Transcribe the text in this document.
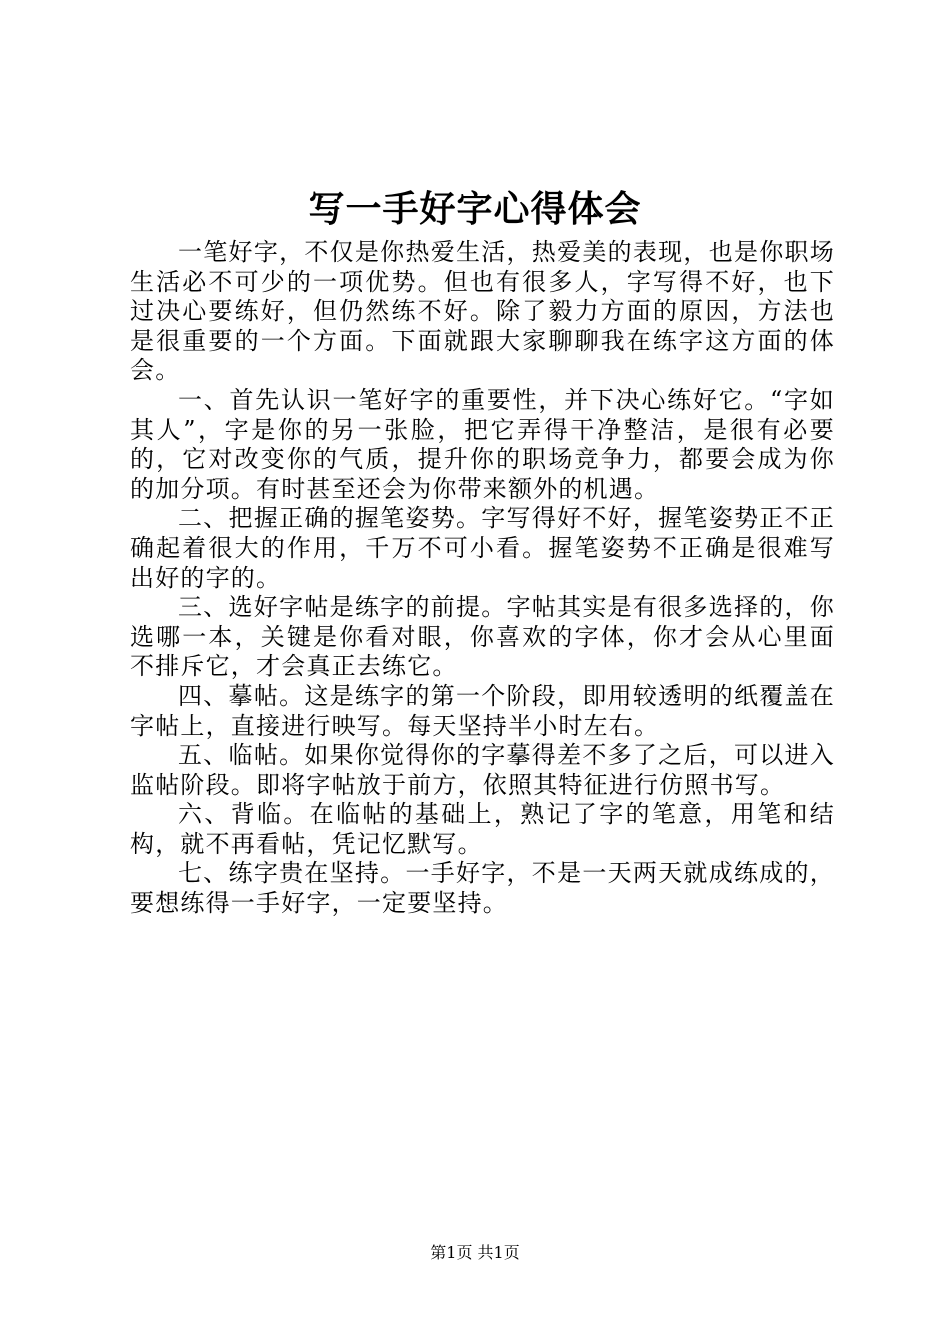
写一手好字心得体会

一笔好字，不仅是你热爱生活，热爱美的表现，也是你职场生活必不可少的一项优势。但也有很多人，字写得不好，也下过决心要练好，但仍然练不好。除了毅力方面的原因，方法也是很重要的一个方面。下面就跟大家聊聊我在练字这方面的体会。

一、首先认识一笔好字的重要性，并下决心练好它。“字如其人”，字是你的另一张脸，把它弄得干净整洁，是很有必要的，它对改变你的气质，提升你的职场竞争力，都要会成为你的加分项。有时甚至还会为你带来额外的机遇。

二、把握正确的握笔姿势。字写得好不好，握笔姿势正不正确起着很大的作用，千万不可小看。握笔姿势不正确是很难写出好的字的。

三、选好字帖是练字的前提。字帖其实是有很多选择的，你选哪一本，关键是你看对眼，你喜欢的字体，你才会从心里面不排斥它，才会真正去练它。

四、摹帖。这是练字的第一个阶段，即用较透明的纸覆盖在字帖上，直接进行映写。每天坚持半小时左右。

五、临帖。如果你觉得你的字摹得差不多了之后，可以进入监帖阶段。即将字帖放于前方，依照其特征进行仿照书写。

六、背临。在临帖的基础上，熟记了字的笔意，用笔和结构，就不再看帖，凭记忆默写。

七、练字贵在坚持。一手好字，不是一天两天就成练成的，要想练得一手好字，一定要坚持。

第1页 共1页
